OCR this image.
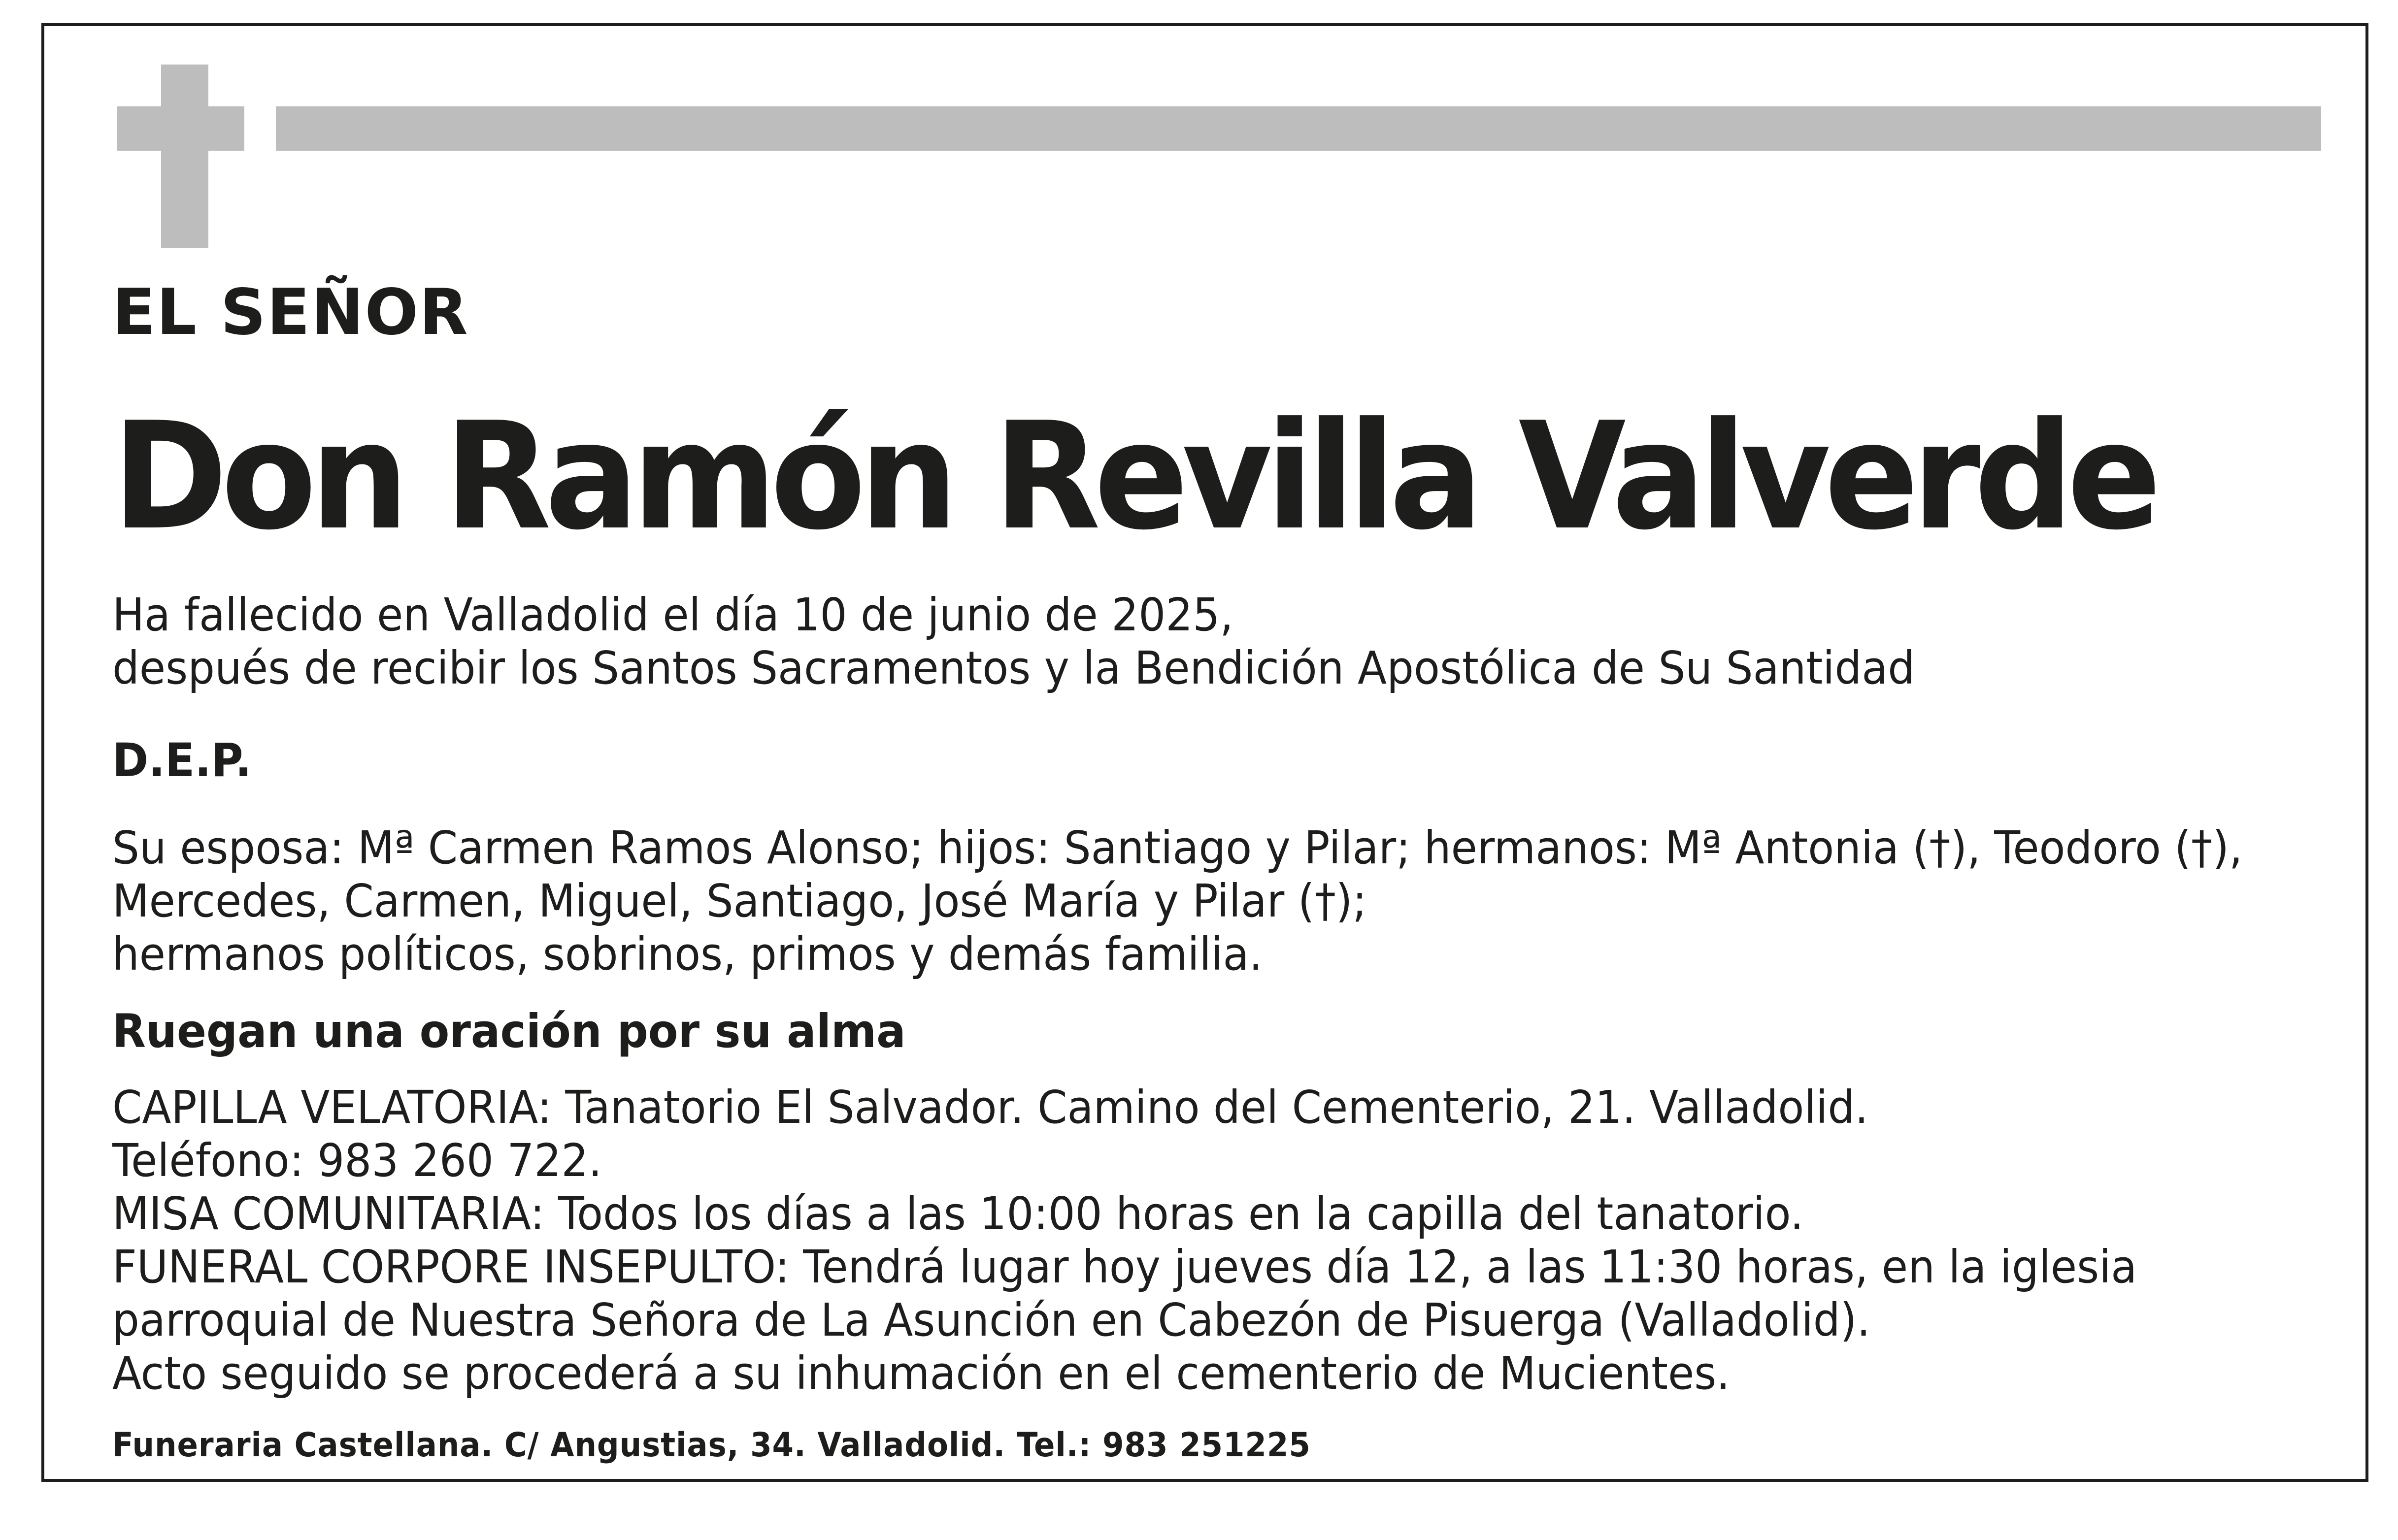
EL SEÑOR
Don Ramón Revilla Valverde
Ha fallecido en Valladolid el día 10 de junio de 2025,
después de recibir los Santos Sacramentos y la Bendición Apostólica de Su Santidad
D.E.P.
Su esposa: Mª Carmen Ramos Alonso; hijos: Santiago y Pilar; hermanos: Mª Antonia (†), Teodoro (†),
Mercedes, Carmen, Miguel, Santiago, José María y Pilar (†);
hermanos políticos, sobrinos, primos y demás familia.
Ruegan una oración por su alma
CAPILLA VELATORIA: Tanatorio El Salvador. Camino del Cementerio, 21. Valladolid.
Teléfono: 983 260 722.
MISA COMUNITARIA: Todos los días a las 10:00 horas en la capilla del tanatorio.
FUNERAL CORPORE INSEPULTO: Tendrá lugar hoy jueves día 12, a las 11:30 horas, en la iglesia
parroquial de Nuestra Señora de La Asunción en Cabezón de Pisuerga (Valladolid).
Acto seguido se procederá a su inhumación en el cementerio de Mucientes.
Funeraria Castellana. C/ Angustias, 34. Valladolid. Tel.: 983 251225
